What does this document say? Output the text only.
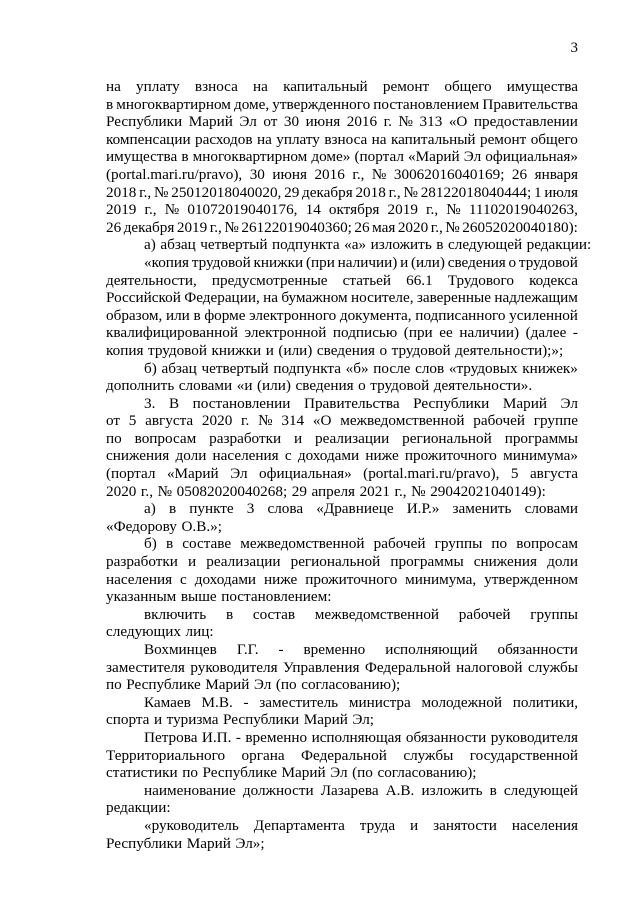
3
на уплату взноса на капитальный ремонт общего имущества
в многоквартирном доме, утвержденного постановлением Правительства
Республики Марий Эл от 30 июня 2016 г. № 313 «О предоставлении
компенсации расходов на уплату взноса на капитальный ремонт общего
имущества в многоквартирном доме» (портал «Марий Эл официальная»
(portal.mari.ru/pravo), 30 июня 2016 г., № 30062016040169; 26 января
2018 г., № 25012018040020, 29 декабря 2018 г., № 28122018040444; 1 июля
2019 г., № 01072019040176, 14 октября 2019 г., № 11102019040263,
26 декабря 2019 г., № 26122019040360; 26 мая 2020 г., № 26052020040180):
а) абзац четвертый подпункта «а» изложить в следующей редакции:
«копия трудовой книжки (при наличии) и (или) сведения о трудовой
деятельности, предусмотренные статьей 66.1 Трудового кодекса
Российской Федерации, на бумажном носителе, заверенные надлежащим
образом, или в форме электронного документа, подписанного усиленной
квалифицированной электронной подписью (при ее наличии) (далее -
копия трудовой книжки и (или) сведения о трудовой деятельности);»;
б) абзац четвертый подпункта «б» после слов «трудовых книжек»
дополнить словами «и (или) сведения о трудовой деятельности».
3. В постановлении Правительства Республики Марий Эл
от 5 августа 2020 г. № 314 «О межведомственной рабочей группе
по вопросам разработки и реализации региональной программы
снижения доли населения с доходами ниже прожиточного минимума»
(портал «Марий Эл официальная» (portal.mari.ru/pravo), 5 августа
2020 г., № 05082020040268; 29 апреля 2021 г., № 29042021040149):
а) в пункте 3 слова «Дравниеце И.Р.» заменить словами
«Федорову О.В.»;
б) в составе межведомственной рабочей группы по вопросам
разработки и реализации региональной программы снижения доли
населения с доходами ниже прожиточного минимума, утвержденном
указанным выше постановлением:
включить в состав межведомственной рабочей группы
следующих лиц:
Вохминцев Г.Г. - временно исполняющий обязанности
заместителя руководителя Управления Федеральной налоговой службы
по Республике Марий Эл (по согласованию);
Камаев М.В. - заместитель министра молодежной политики,
спорта и туризма Республики Марий Эл;
Петрова И.П. - временно исполняющая обязанности руководителя
Территориального органа Федеральной службы государственной
статистики по Республике Марий Эл (по согласованию);
наименование должности Лазарева А.В. изложить в следующей
редакции:
«руководитель Департамента труда и занятости населения
Республики Марий Эл»;
